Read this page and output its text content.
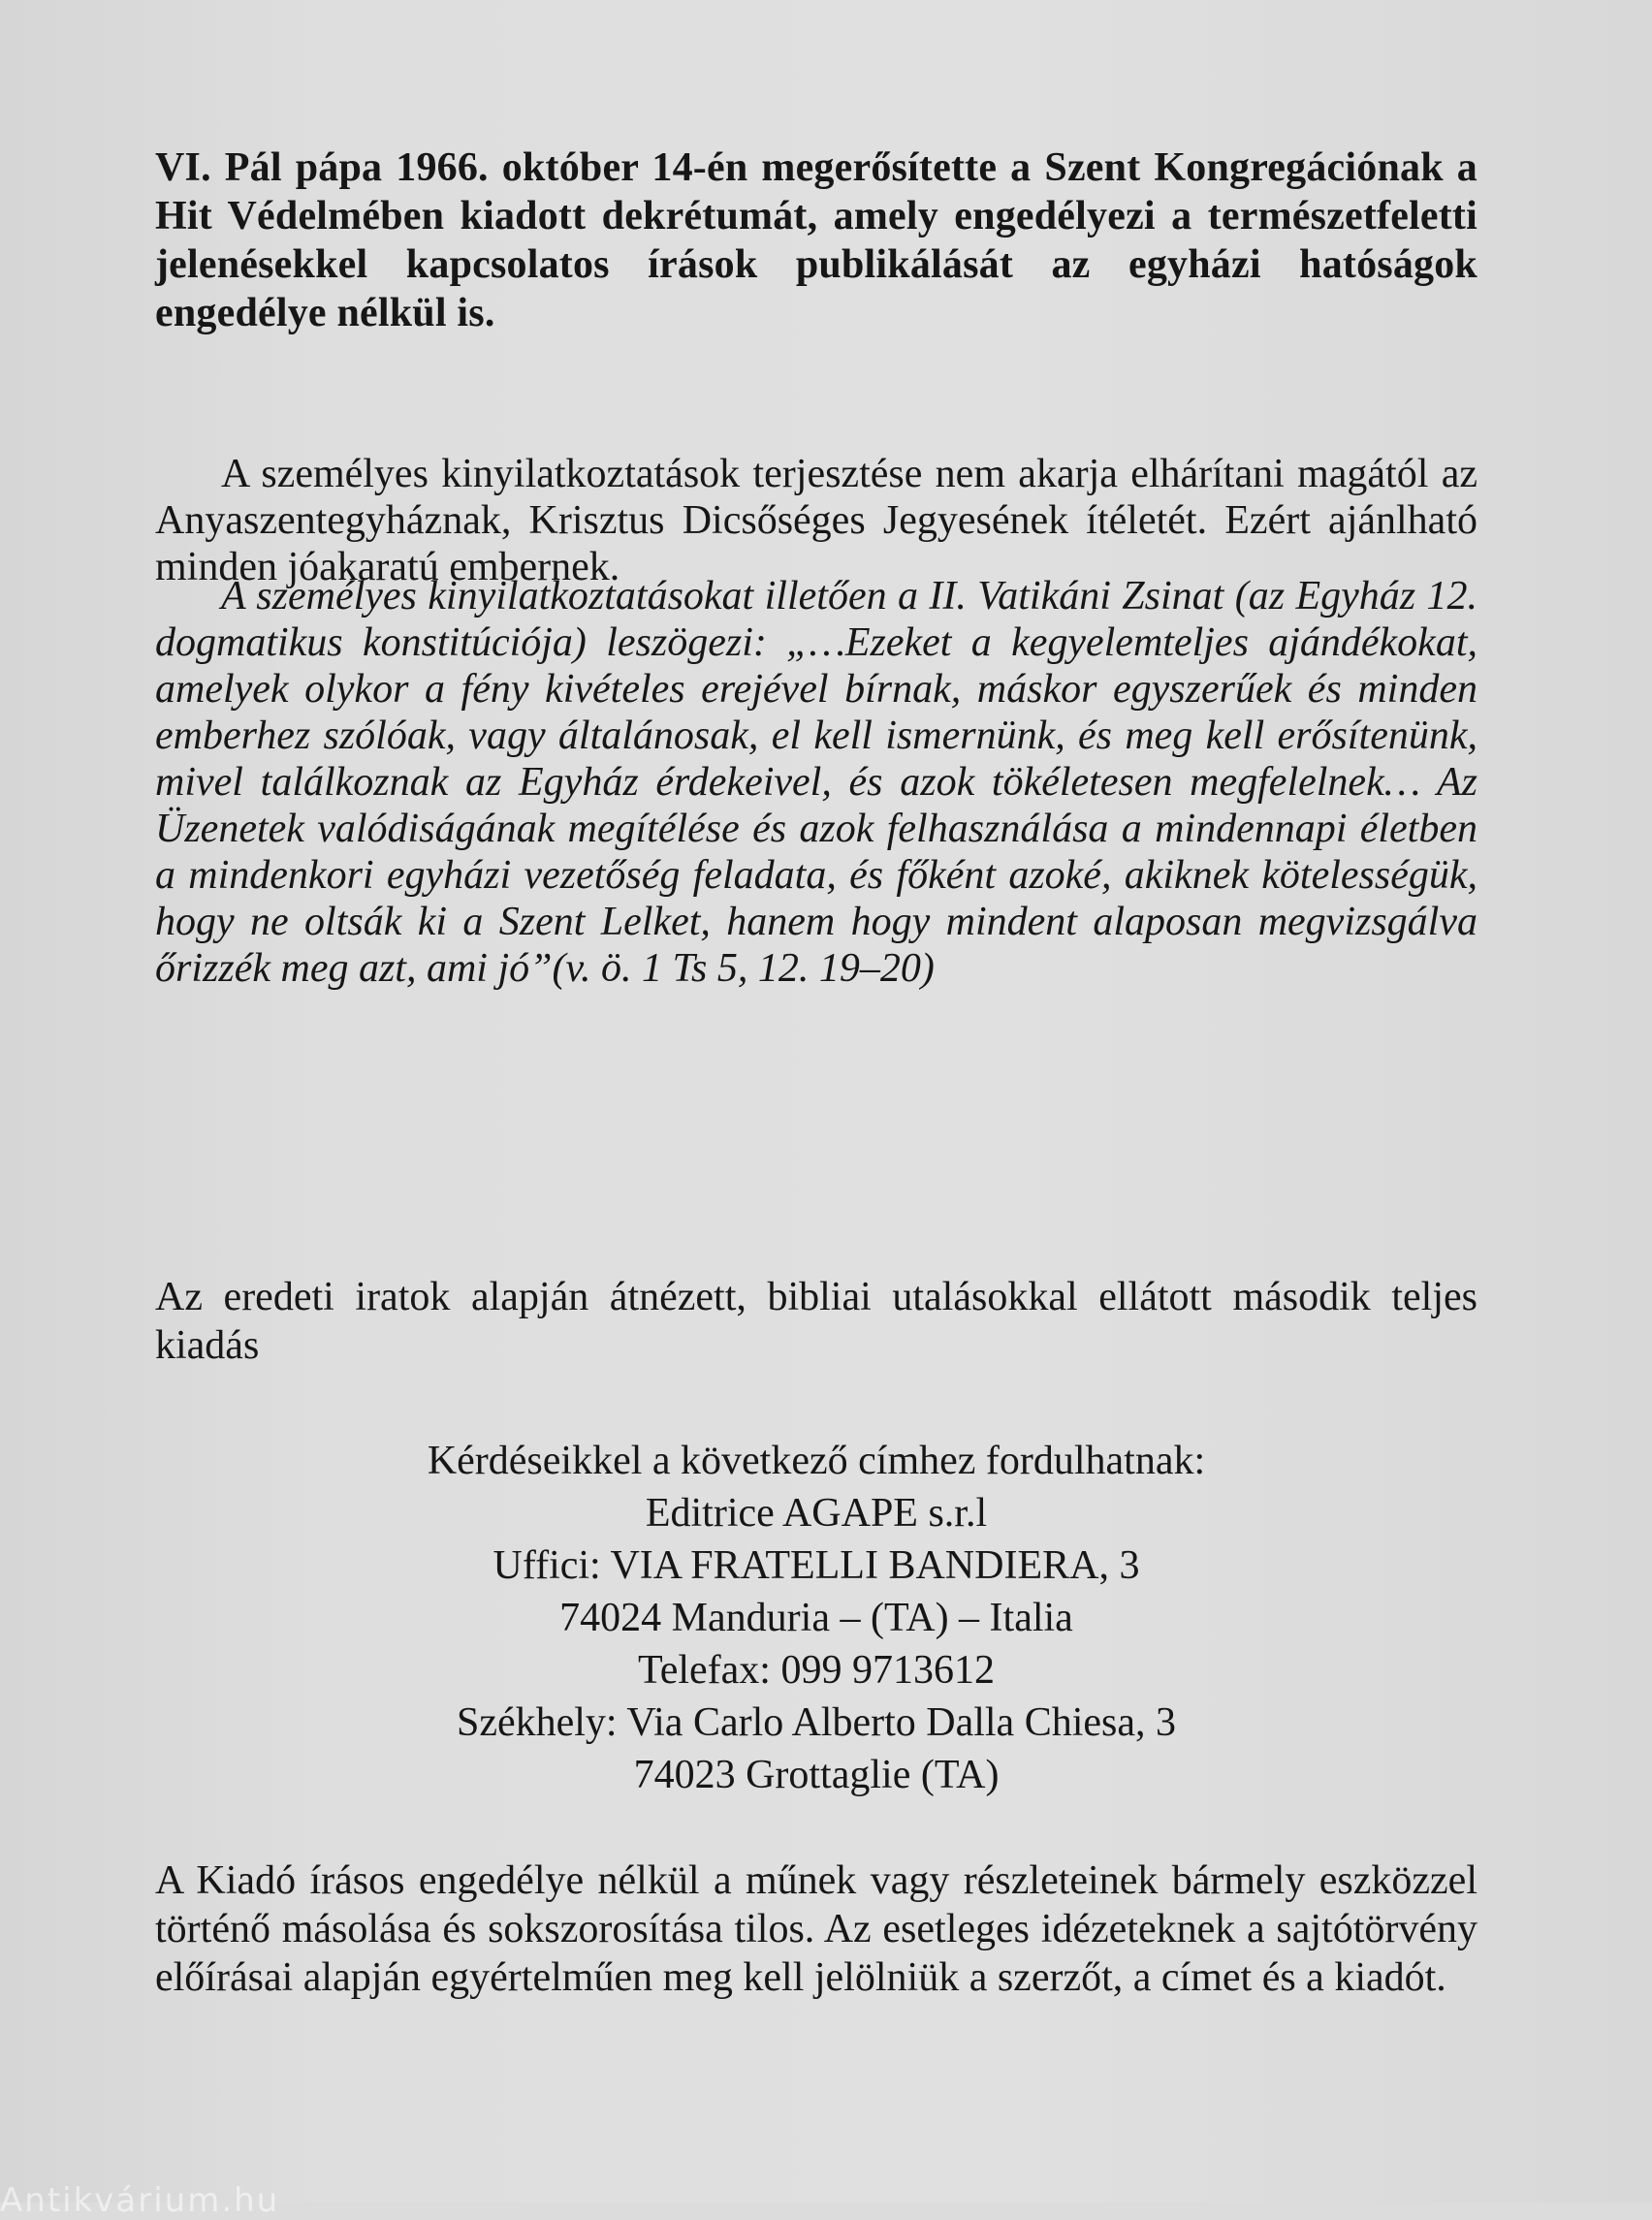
VI. Pál pápa 1966. október 14-én megerősítette a Szent Kongregációnak a Hit Védelmében kiadott dekrétumát, amely engedélyezi a természetfeletti jelenésekkel kapcsolatos írások publikálását az egyházi hatóságok engedélye nélkül is.

A személyes kinyilatkoztatások terjesztése nem akarja elhárítani magától az Anyaszentegyháznak, Krisztus Dicsőséges Jegyesének ítéletét. Ezért ajánlható minden jóakaratú embernek.

A személyes kinyilatkoztatásokat illetően a II. Vatikáni Zsinat (az Egyház 12. dogmatikus konstitúciója) leszögezi: „…Ezeket a kegyelemteljes ajándékokat, amelyek olykor a fény kivételes erejével bírnak, máskor egyszerűek és minden emberhez szólóak, vagy általánosak, el kell ismernünk, és meg kell erősítenünk, mivel találkoznak az Egyház érdekeivel, és azok tökéletesen megfelelnek… Az Üzenetek valódiságának megítélése és azok felhasználása a mindennapi életben a mindenkori egyházi vezetőség feladata, és főként azoké, akiknek kötelességük, hogy ne oltsák ki a Szent Lelket, hanem hogy mindent alaposan megvizsgálva őrizzék meg azt, ami jó”(v. ö. 1 Ts 5, 12. 19–20)

Az eredeti iratok alapján átnézett, bibliai utalásokkal ellátott második teljes kiadás

Kérdéseikkel a következő címhez fordulhatnak:
Editrice AGAPE s.r.l
Uffici: VIA FRATELLI BANDIERA, 3
74024 Manduria – (TA) – Italia
Telefax: 099 9713612
Székhely: Via Carlo Alberto Dalla Chiesa, 3
74023 Grottaglie (TA)

A Kiadó írásos engedélye nélkül a műnek vagy részleteinek bármely eszközzel történő másolása és sokszorosítása tilos. Az esetleges idézeteknek a sajtótörvény előírásai alapján egyértelműen meg kell jelölniük a szerzőt, a címet és a kiadót.

Antikvárium.hu
